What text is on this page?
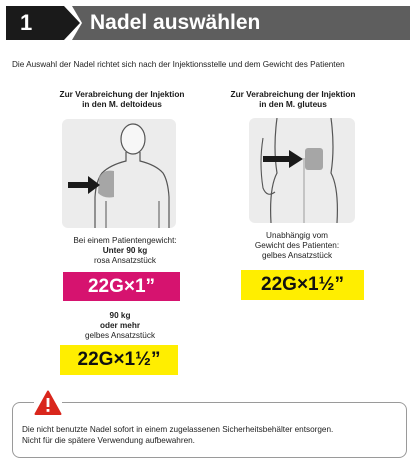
1	Nadel auswählen
Die Auswahl der Nadel richtet sich nach der Injektionsstelle und dem Gewicht des Patienten
Zur Verabreichung der Injektion
in den M. deltoideus
Zur Verabreichung der Injektion
in den M. gluteus
Bei einem Patientengewicht:
Unter 90 kg
rosa Ansatzstück
22G×1”
90 kg
oder mehr
gelbes Ansatzstück
22G×1½”
Unabhängig vom
Gewicht des Patienten:
gelbes Ansatzstück
22G×1½”
Die nicht benutzte Nadel sofort in einem zugelassenen Sicherheitsbehälter entsorgen.
Nicht für die spätere Verwendung aufbewahren.
